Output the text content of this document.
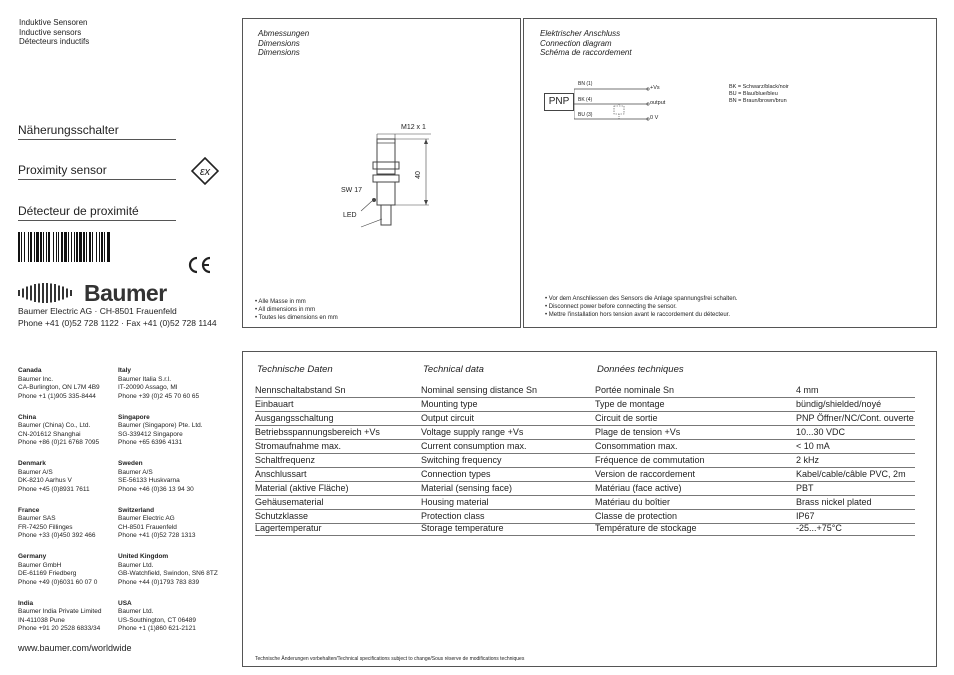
Induktive Sensoren
Inductive sensors
Détecteurs inductifs
Näherungsschalter
Proximity sensor
Détecteur de proximité
εx
Baumer
Baumer Electric AG · CH-8501 Frauenfeld
Phone +41 (0)52 728 1122 · Fax +41 (0)52 728 1144
Canada
Baumer Inc.
CA-Burlington, ON L7M 4B9
Phone +1 (1)905 335-8444
Italy
Baumer Italia S.r.l.
IT-20090 Assago, MI
Phone +39 (0)2 45 70 60 65
China
Baumer (China) Co., Ltd.
CN-201612 Shanghai
Phone +86 (0)21 6768 7095
Singapore
Baumer (Singapore) Pte. Ltd.
SG-339412 Singapore
Phone +65 6396 4131
Denmark
Baumer A/S
DK-8210 Aarhus V
Phone +45 (0)8931 7611
Sweden
Baumer A/S
SE-56133 Huskvarna
Phone +46 (0)36 13 94 30
France
Baumer SAS
FR-74250 Fillinges
Phone +33 (0)450 392 466
Switzerland
Baumer Electric AG
CH-8501 Frauenfeld
Phone +41 (0)52 728 1313
Germany
Baumer GmbH
DE-61169 Friedberg
Phone +49 (0)6031 60 07 0
United Kingdom
Baumer Ltd.
GB-Watchfield, Swindon, SN6 8TZ
Phone +44 (0)1793 783 839
India
Baumer India Private Limited
IN-411038 Pune
Phone +91 20 2528 6833/34
USA
Baumer Ltd.
US-Southington, CT 06489
Phone +1 (1)860 621-2121
www.baumer.com/worldwide
Abmessungen
Dimensions
Dimensions
M12 x 1
40
SW 17
LED
• Alle Masse in mm
• All dimensions in mm
• Toutes les dimensions en mm
Elektrischer Anschluss
Connection diagram
Schéma de raccordement
PNP
BN (1)
BK (4)
BU (3)
+Vs
output
0 V
BK = Schwarz/black/noir
BU = Blau/blue/bleu
BN = Braun/brown/brun
• Vor dem Anschliessen des Sensors die Anlage spannungsfrei schalten.
• Disconnect power before connecting the sensor.
• Mettre l'installation hors tension avant le raccordement du détecteur.
Technische Daten	Technical data	Données techniques
Nennschaltabstand Sn	Nominal sensing distance Sn	Portée nominale Sn	4 mm
Einbauart	Mounting type	Type de montage	bündig/shielded/noyé
Ausgangsschaltung	Output circuit	Circuit de sortie	PNP Öffner/NC/Cont. ouverte
Betriebsspannungsbereich +Vs	Voltage supply range +Vs	Plage de tension +Vs	10...30 VDC
Stromaufnahme max.	Current consumption max.	Consommation max.	< 10 mA
Schaltfrequenz	Switching frequency	Fréquence de commutation	2 kHz
Anschlussart	Connection types	Version de raccordement	Kabel/cable/câble PVC, 2m
Material (aktive Fläche)	Material (sensing face)	Matériau (face active)	PBT
Gehäusematerial	Housing material	Matériau du boîtier	Brass nickel plated
Schutzklasse	Protection class	Classe de protection	IP67
Lagertemperatur	Storage temperature	Température de stockage	-25...+75°C
Technische Änderungen vorbehalten/Technical specifications subject to change/Sous réserve de modifications techniques
